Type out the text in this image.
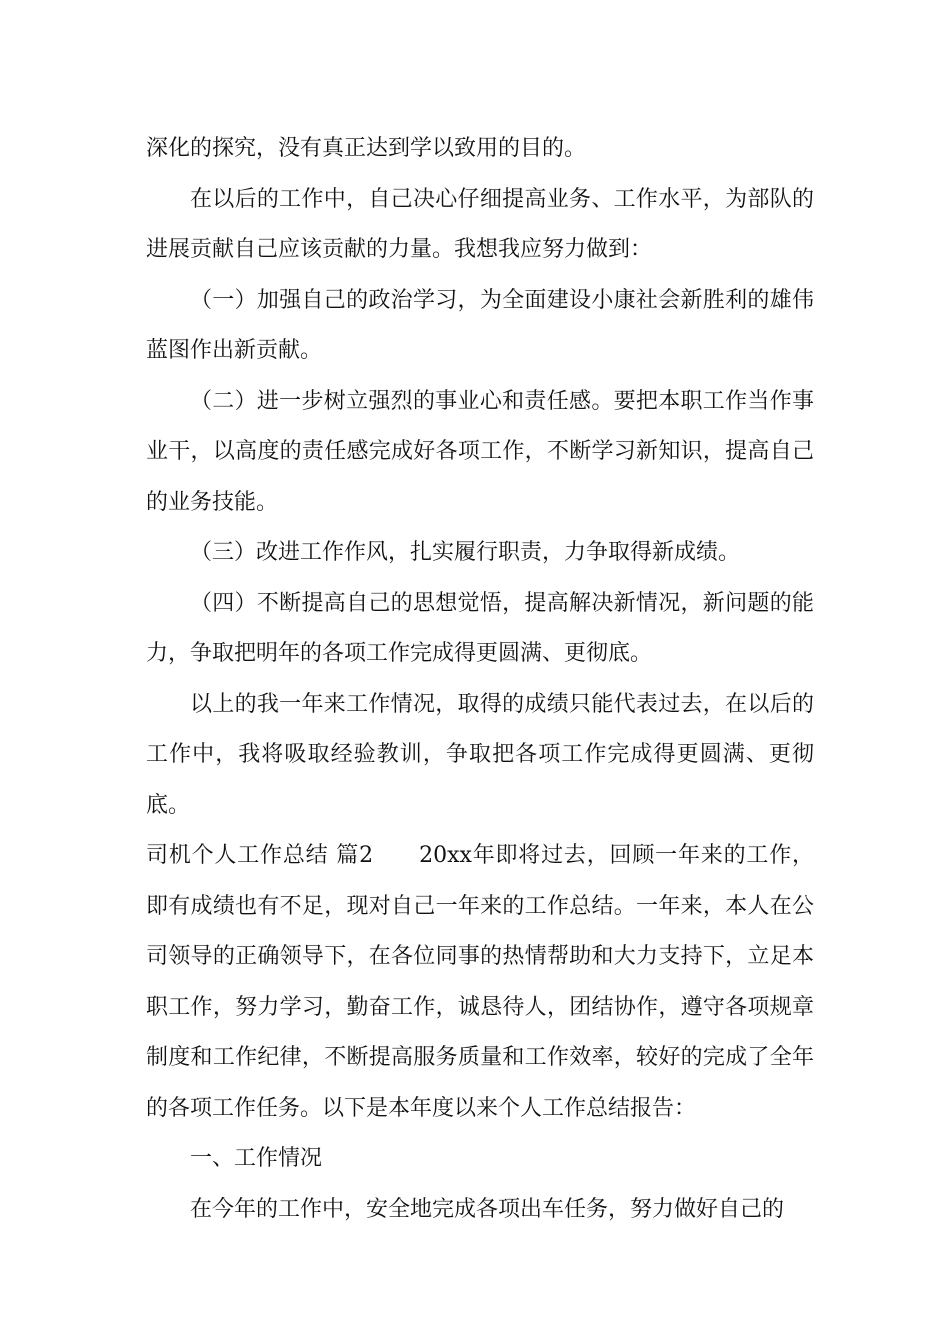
深化的探究，没有真正达到学以致用的目的。

在以后的工作中，自己决心仔细提高业务、工作水平，为部队的进展贡献自己应该贡献的力量。我想我应努力做到：

（一）加强自己的政治学习，为全面建设小康社会新胜利的雄伟蓝图作出新贡献。

（二）进一步树立强烈的事业心和责任感。要把本职工作当作事业干，以高度的责任感完成好各项工作，不断学习新知识，提高自己的业务技能。

（三）改进工作作风，扎实履行职责，力争取得新成绩。

（四）不断提高自己的思想觉悟，提高解决新情况，新问题的能力，争取把明年的各项工作完成得更圆满、更彻底。

以上的我一年来工作情况，取得的成绩只能代表过去，在以后的工作中，我将吸取经验教训，争取把各项工作完成得更圆满、更彻底。

司机个人工作总结 篇2 20xx年即将过去，回顾一年来的工作，即有成绩也有不足，现对自己一年来的工作总结。一年来，本人在公司领导的正确领导下，在各位同事的热情帮助和大力支持下，立足本职工作，努力学习，勤奋工作，诚恳待人，团结协作，遵守各项规章制度和工作纪律，不断提高服务质量和工作效率，较好的完成了全年的各项工作任务。以下是本年度以来个人工作总结报告：

一、工作情况

在今年的工作中，安全地完成各项出车任务，努力做好自己的
